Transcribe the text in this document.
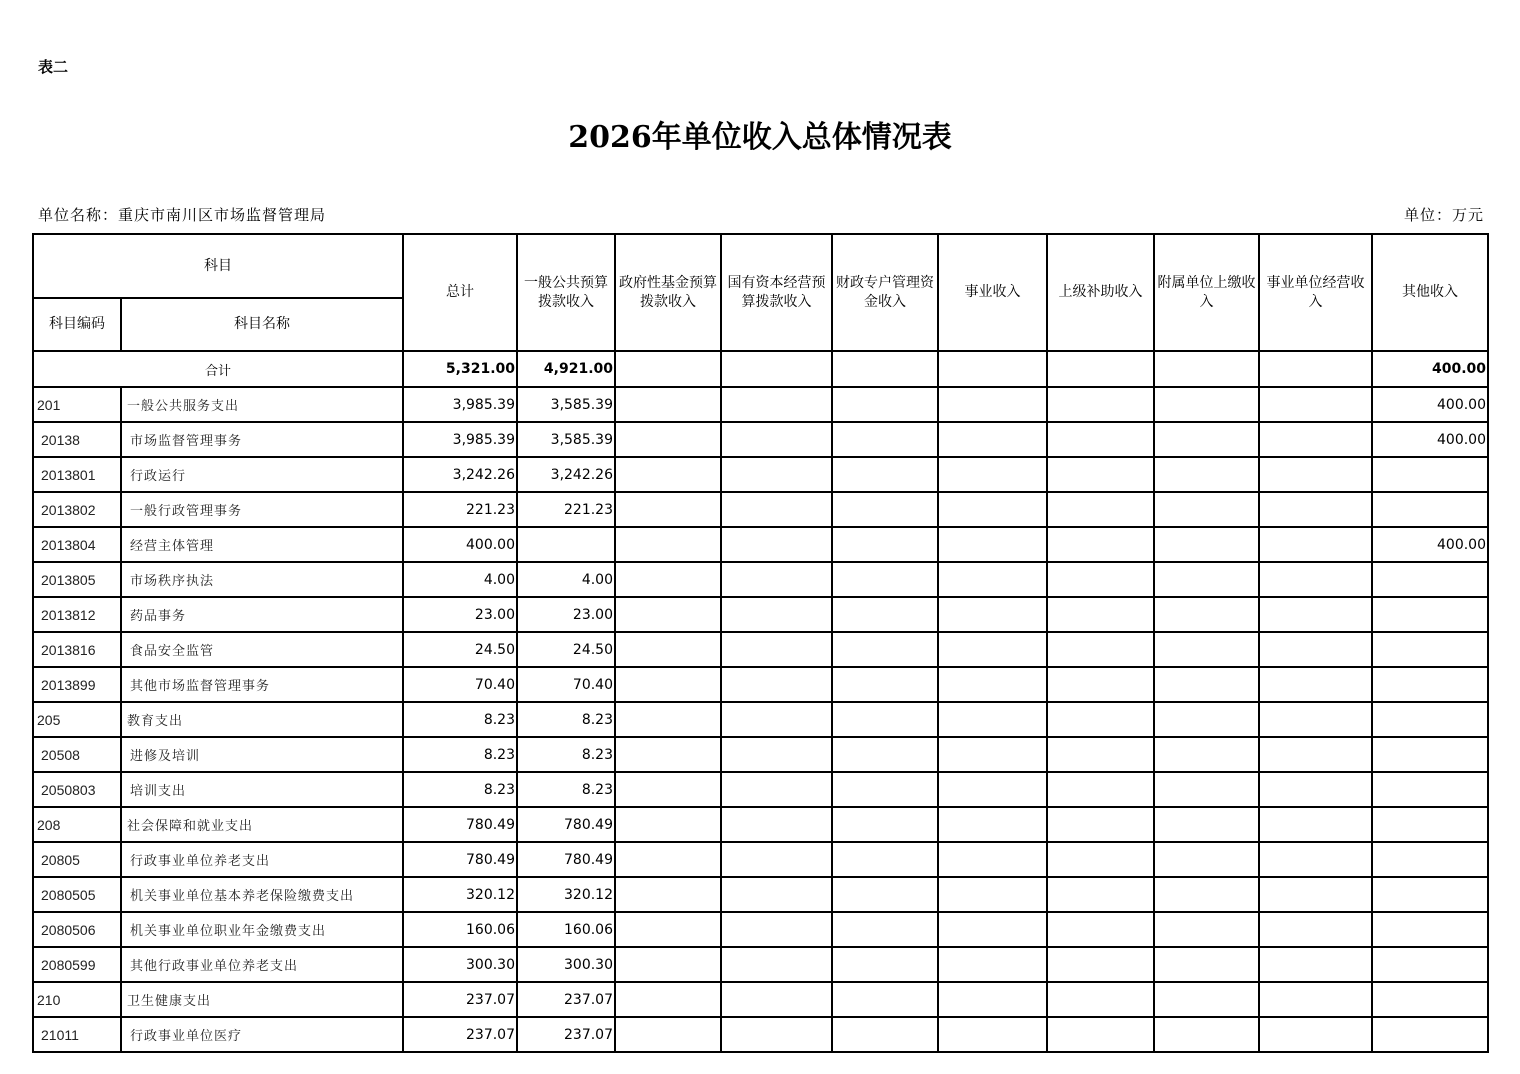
表二
2026年单位收入总体情况表
单位名称：重庆市南川区市场监督管理局	单位：万元
科目		总计	一般公共预算拨款收入	政府性基金预算拨款收入	国有资本经营预算拨款收入	财政专户管理资金收入	事业收入	上级补助收入	附属单位上缴收入	事业单位经营收入	其他收入
科目编码	科目名称										
合计		5,321.00	4,921.00								400.00
201	一般公共服务支出	3,985.39	3,585.39								400.00
20138	市场监督管理事务	3,985.39	3,585.39								400.00
2013801	行政运行	3,242.26	3,242.26								
2013802	一般行政管理事务	221.23	221.23								
2013804	经营主体管理	400.00									400.00
2013805	市场秩序执法	4.00	4.00								
2013812	药品事务	23.00	23.00								
2013816	食品安全监管	24.50	24.50								
2013899	其他市场监督管理事务	70.40	70.40								
205	教育支出	8.23	8.23								
20508	进修及培训	8.23	8.23								
2050803	培训支出	8.23	8.23								
208	社会保障和就业支出	780.49	780.49								
20805	行政事业单位养老支出	780.49	780.49								
2080505	机关事业单位基本养老保险缴费支出	320.12	320.12								
2080506	机关事业单位职业年金缴费支出	160.06	160.06								
2080599	其他行政事业单位养老支出	300.30	300.30								
210	卫生健康支出	237.07	237.07								
21011	行政事业单位医疗	237.07	237.07								
